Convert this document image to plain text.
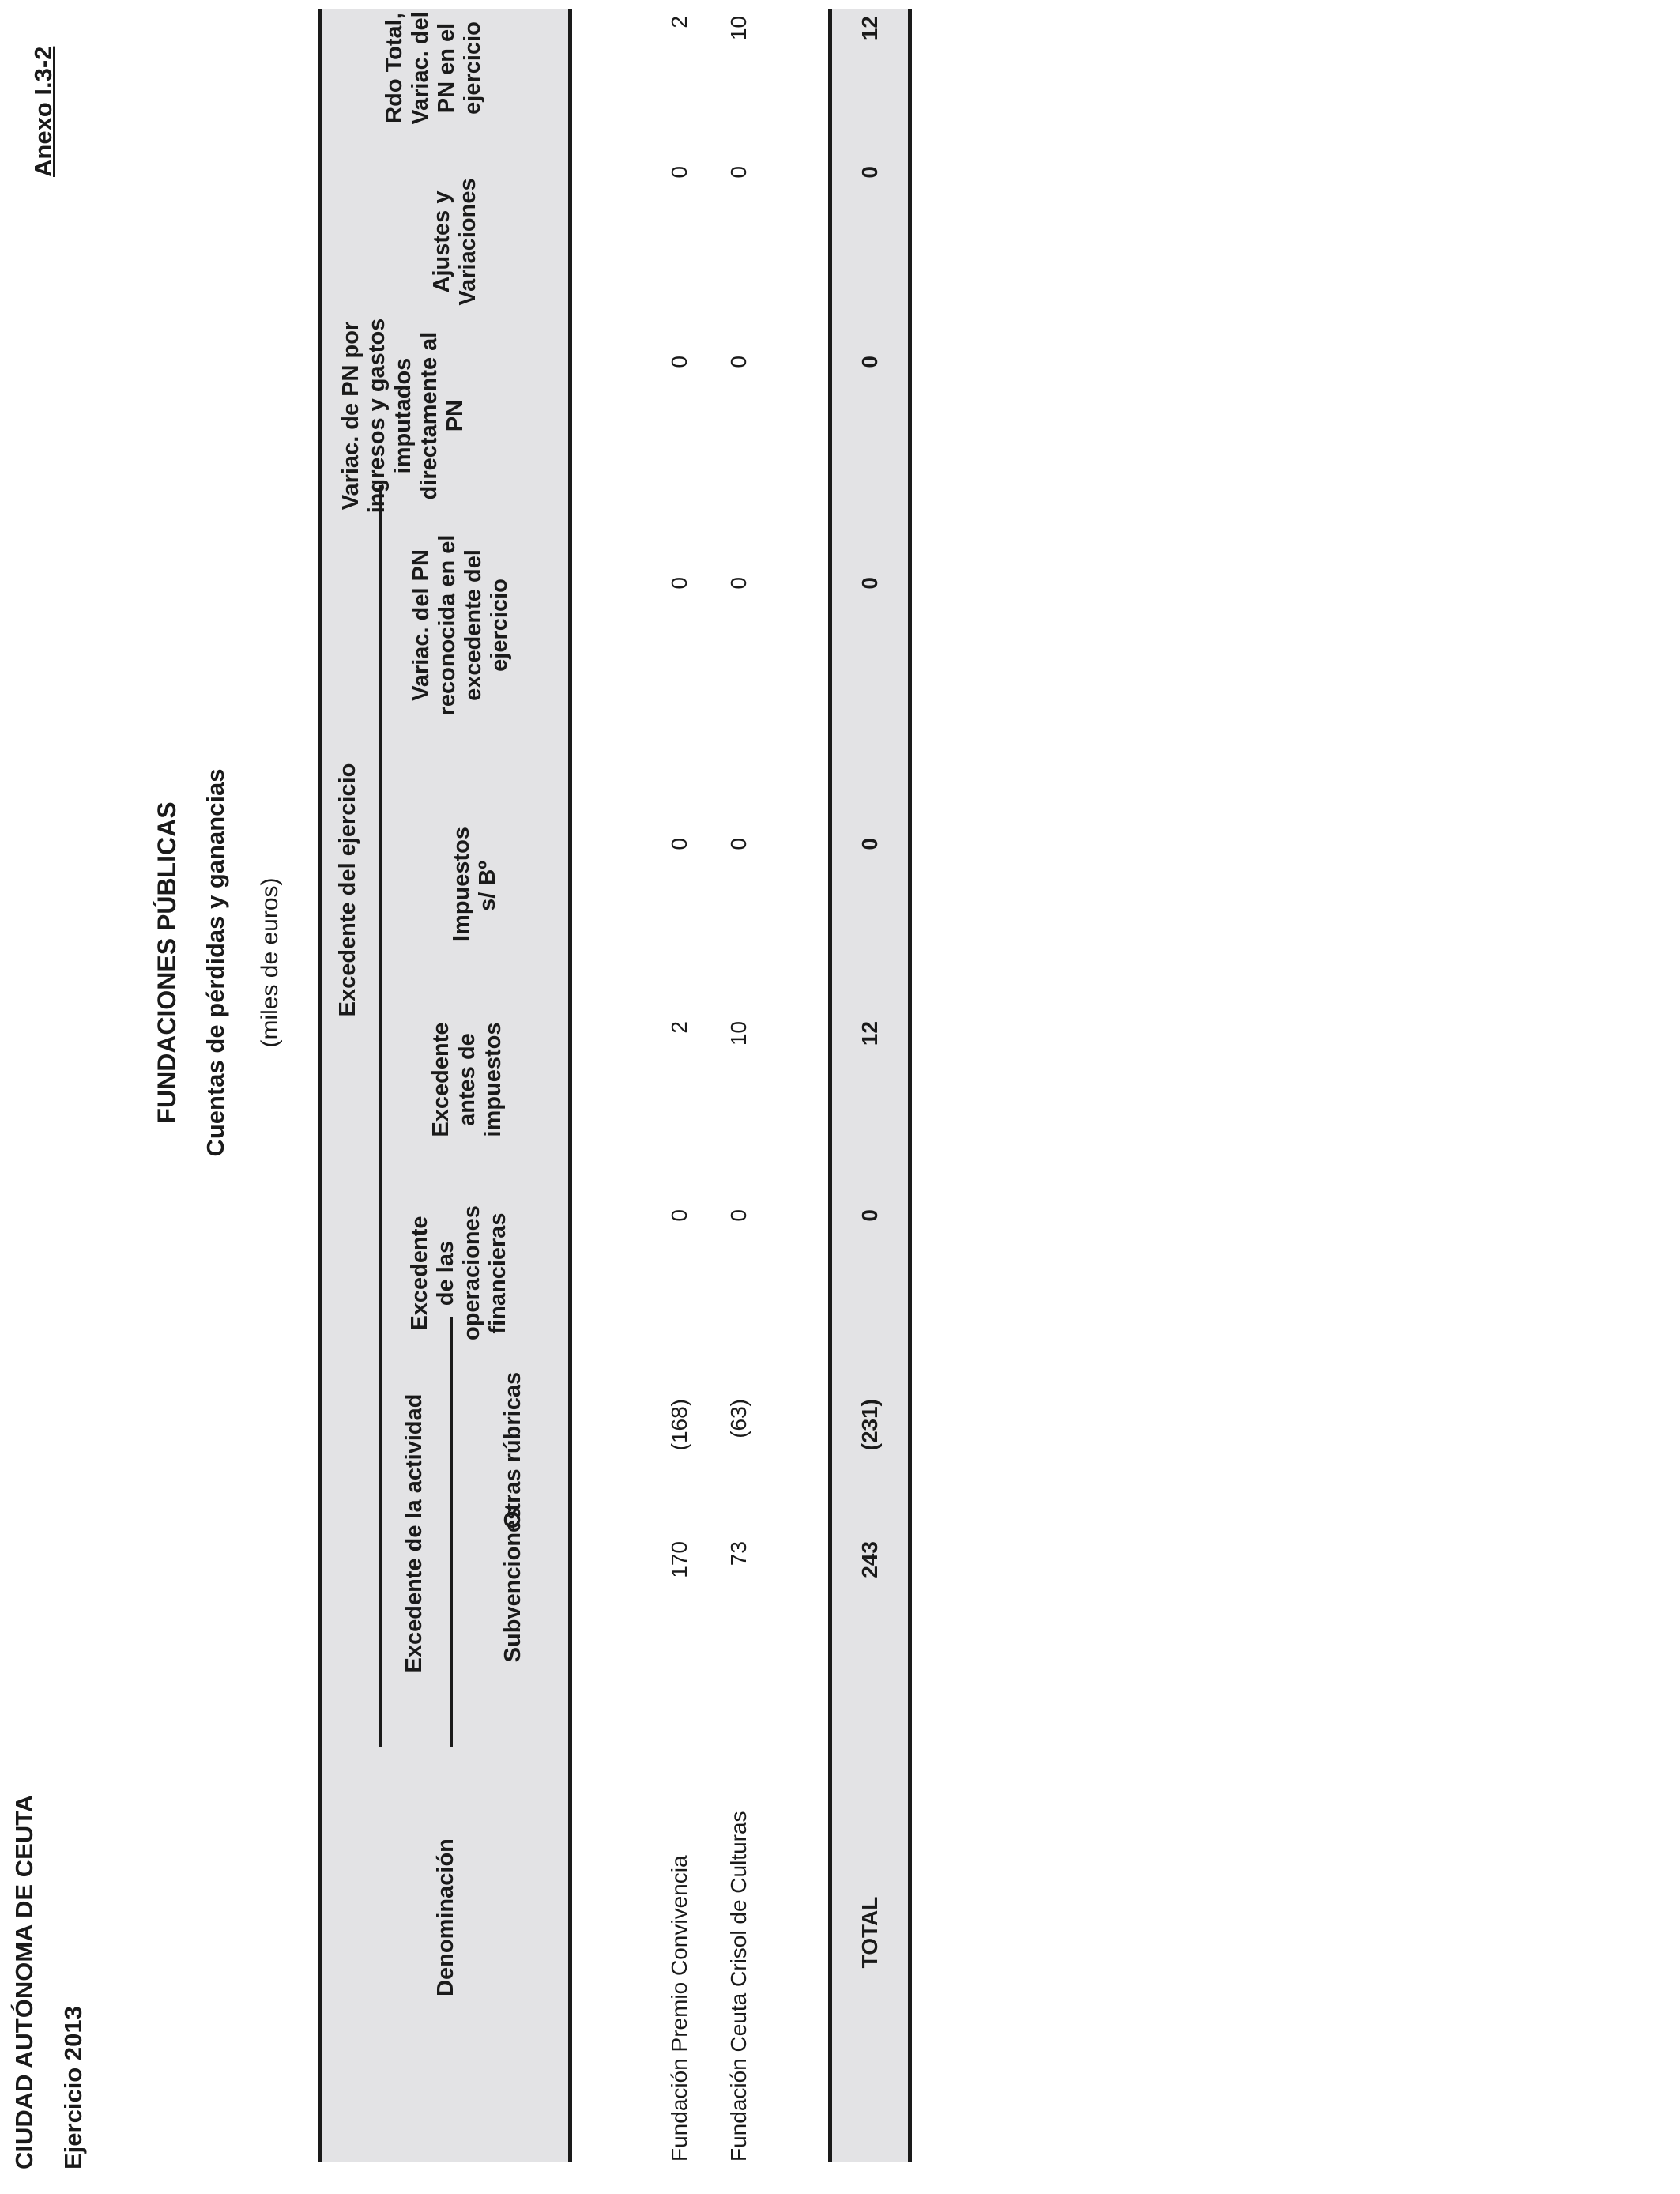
CIUDAD AUTÓNOMA DE CEUTA Ejercicio 2013
Anexo I.3-2
FUNDACIONES PÚBLICAS Cuentas de pérdidas y ganancias (miles de euros)
Denominación
Excedente del ejercicio
Excedente de la actividad	Subvenciones
Otras rúbricas
Excedente de las operaciones financieras
Excedente antes de impuestos
Impuestos s/ Bº
Variac. del PN reconocida en el excedente del ejercicio
Variac. de PN por ingresos y gastos imputados directamente al PN
Ajustes y Variaciones
Rdo Total, Variac. del PN en el ejercicio
Fundación Premio Convivencia
170
(168)
0
2
0
0
0
0
2
Fundación Ceuta Crisol de Culturas
73
(63)
0
10
0
0
0
0
10
TOTAL
243
(231)
0
12
0
0
0
0
12
